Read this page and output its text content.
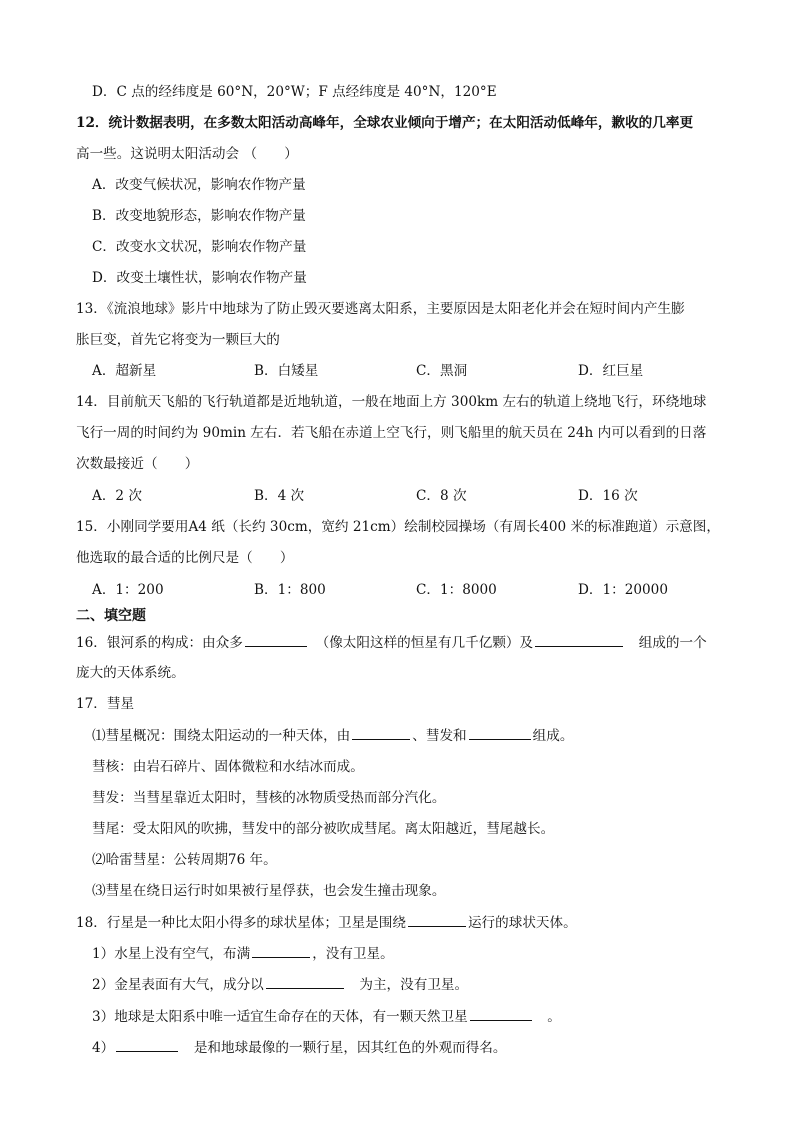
D．C 点的经纬度是 60°N，20°W；F 点经纬度是 40°N，120°E
12．统计数据表明，在多数太阳活动高峰年，全球农业倾向于增产；在太阳活动低峰年，歉收的几率更
高一些。这说明太阳活动会 （　　）
A．改变气候状况，影响农作物产量
B．改变地貌形态，影响农作物产量
C．改变水文状况，影响农作物产量
D．改变土壤性状，影响农作物产量
13．《流浪地球》影片中地球为了防止毁灭要逃离太阳系，主要原因是太阳老化并会在短时间内产生膨
胀巨变，首先它将变为一颗巨大的
A．超新星	B．白矮星	C．黑洞	D．红巨星
14．目前航天飞船的飞行轨道都是近地轨道，一般在地面上方 300km 左右的轨道上绕地飞行，环绕地球
飞行一周的时间约为 90min 左右．若飞船在赤道上空飞行，则飞船里的航天员在 24h 内可以看到的日落
次数最接近（　　）
A．2 次	B．4 次	C．8 次	D．16 次
15．小刚同学要用A4 纸（长约 30cm，宽约 21cm）绘制校园操场（有周长400 米的标准跑道）示意图，
他选取的最合适的比例尺是（　　）
A．1：200	B．1：800	C．1：8000	D．1：20000
二、填空题
16．银河系的构成：由众多　	（像太阳这样的恒星有几千亿颗）及　	组成的一个
庞大的天体系统。
17．彗星
⑴彗星概况：围绕太阳运动的一种天体，由	、彗发和	组成。
彗核：由岩石碎片、固体微粒和水结冰而成。
彗发：当彗星靠近太阳时，彗核的冰物质受热而部分汽化。
彗尾：受太阳风的吹拂，彗发中的部分被吹成彗尾。离太阳越近，彗尾越长。
⑵哈雷彗星：公转周期76 年。
⑶彗星在绕日运行时如果被行星俘获，也会发生撞击现象。
18．行星是一种比太阳小得多的球状星体；卫星是围绕	运行的球状天体。
1）水星上没有空气，布满	，没有卫星。
2）金星表面有大气，成分以　	为主，没有卫星。
3）地球是太阳系中唯一适宜生命存在的天体，有一颗天然卫星　	。
4）　	是和地球最像的一颗行星，因其红色的外观而得名。
